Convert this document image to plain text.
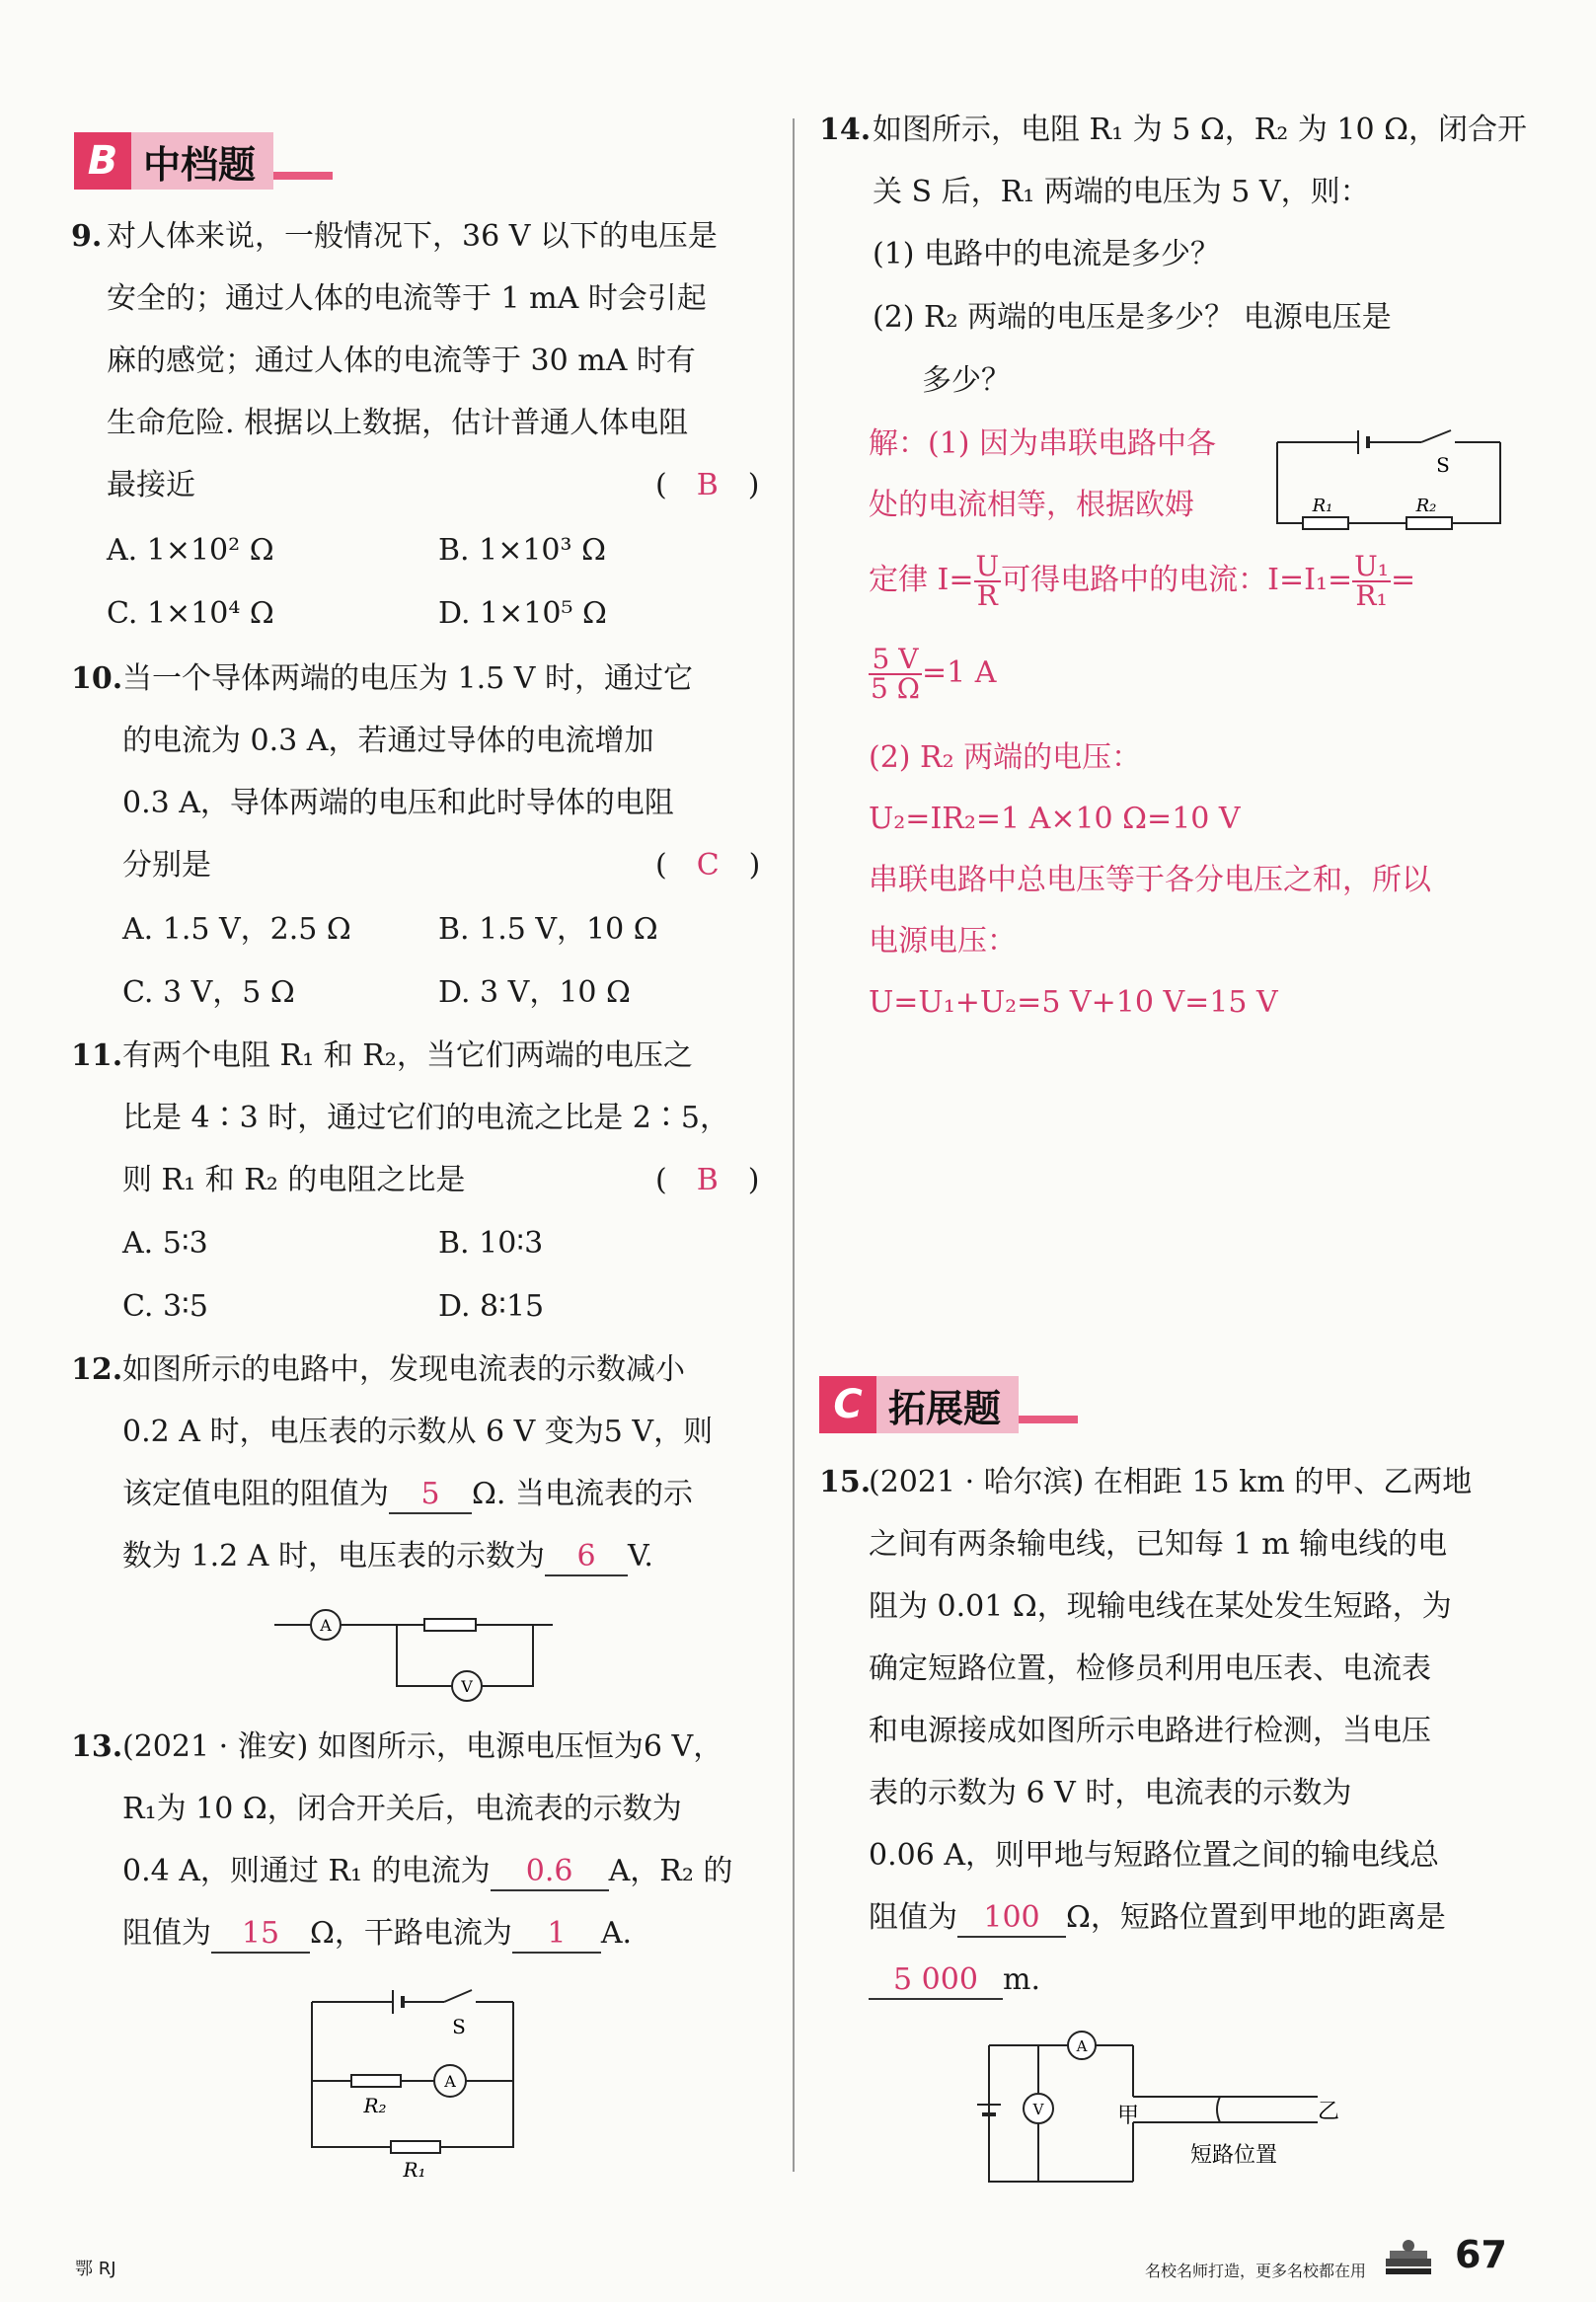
B 中档题
9. 对人体来说，一般情况下，36 V 以下的电压是
安全的；通过人体的电流等于 1 mA 时会引起
麻的感觉；通过人体的电流等于 30 mA 时有
生命危险. 根据以上数据，估计普通人体电阻
最接近	(　B　)
A. 1×10² Ω	B. 1×10³ Ω
C. 1×10⁴ Ω	D. 1×10⁵ Ω
10. 当一个导体两端的电压为 1.5 V 时，通过它
的电流为 0.3 A，若通过导体的电流增加
0.3 A，导体两端的电压和此时导体的电阻
分别是	(　C　)
A. 1.5 V，2.5 Ω	B. 1.5 V，10 Ω
C. 3 V，5 Ω	D. 3 V，10 Ω
11. 有两个电阻 R₁ 和 R₂，当它们两端的电压之
比是 4∶3 时，通过它们的电流之比是 2∶5，
则 R₁ 和 R₂ 的电阻之比是	(　B　)
A. 5∶3	B. 10∶3
C. 3∶5	D. 8∶15
12. 如图所示的电路中，发现电流表的示数减小
0.2 A 时，电压表的示数从 6 V 变为5 V，则
该定值电阻的阻值为 5 Ω. 当电流表的示
数为 1.2 A 时，电压表的示数为 6 V.
A
V
13. (2021 · 淮安) 如图所示，电源电压恒为6 V，
R₁为 10 Ω，闭合开关后，电流表的示数为
0.4 A，则通过 R₁ 的电流为 0.6 A，R₂ 的
阻值为 15 Ω，干路电流为 1 A.
S
R₂
A
R₁
14. 如图所示，电阻 R₁ 为 5 Ω，R₂ 为 10 Ω，闭合开
关 S 后，R₁ 两端的电压为 5 V，则：
(1) 电路中的电流是多少？
(2) R₂ 两端的电压是多少？ 电源电压是
多少？
解：(1) 因为串联电路中各
处的电流相等，根据欧姆
S
R₁	R₂
定律 $I= \frac{U}{R}$ 可得电路中的电流：$I=I_1= \frac{\text{U₁}}{\text{R₁}}$ =
$\frac{5 V}{5 \Omega} =1$ A
(2) R₂ 两端的电压：
U₂=IR₂=1 A×10 Ω=10 V
串联电路中总电压等于各分电压之和，所以
电源电压：
U=U₁+U₂=5 V+10 V=15 V
C 拓展题
15.
(2021 · 哈尔滨) 在相距 15 km 的甲、乙两地
之间有两条输电线，已知每 1 m 输电线的电
阻为 0.01 Ω，现输电线在某处发生短路，为
确定短路位置，检修员利用电压表、电流表
和电源接成如图所示电路进行检测，当电压
表的示数为 6 V 时，电流表的示数为
0.06 A，则甲地与短路位置之间的输电线总
阻值为 100 Ω，短路位置到甲地的距离是
5 000 m.
A
V	甲	乙
短路位置
鄂 RJ	名校名师打造，更多名校都在用 67
